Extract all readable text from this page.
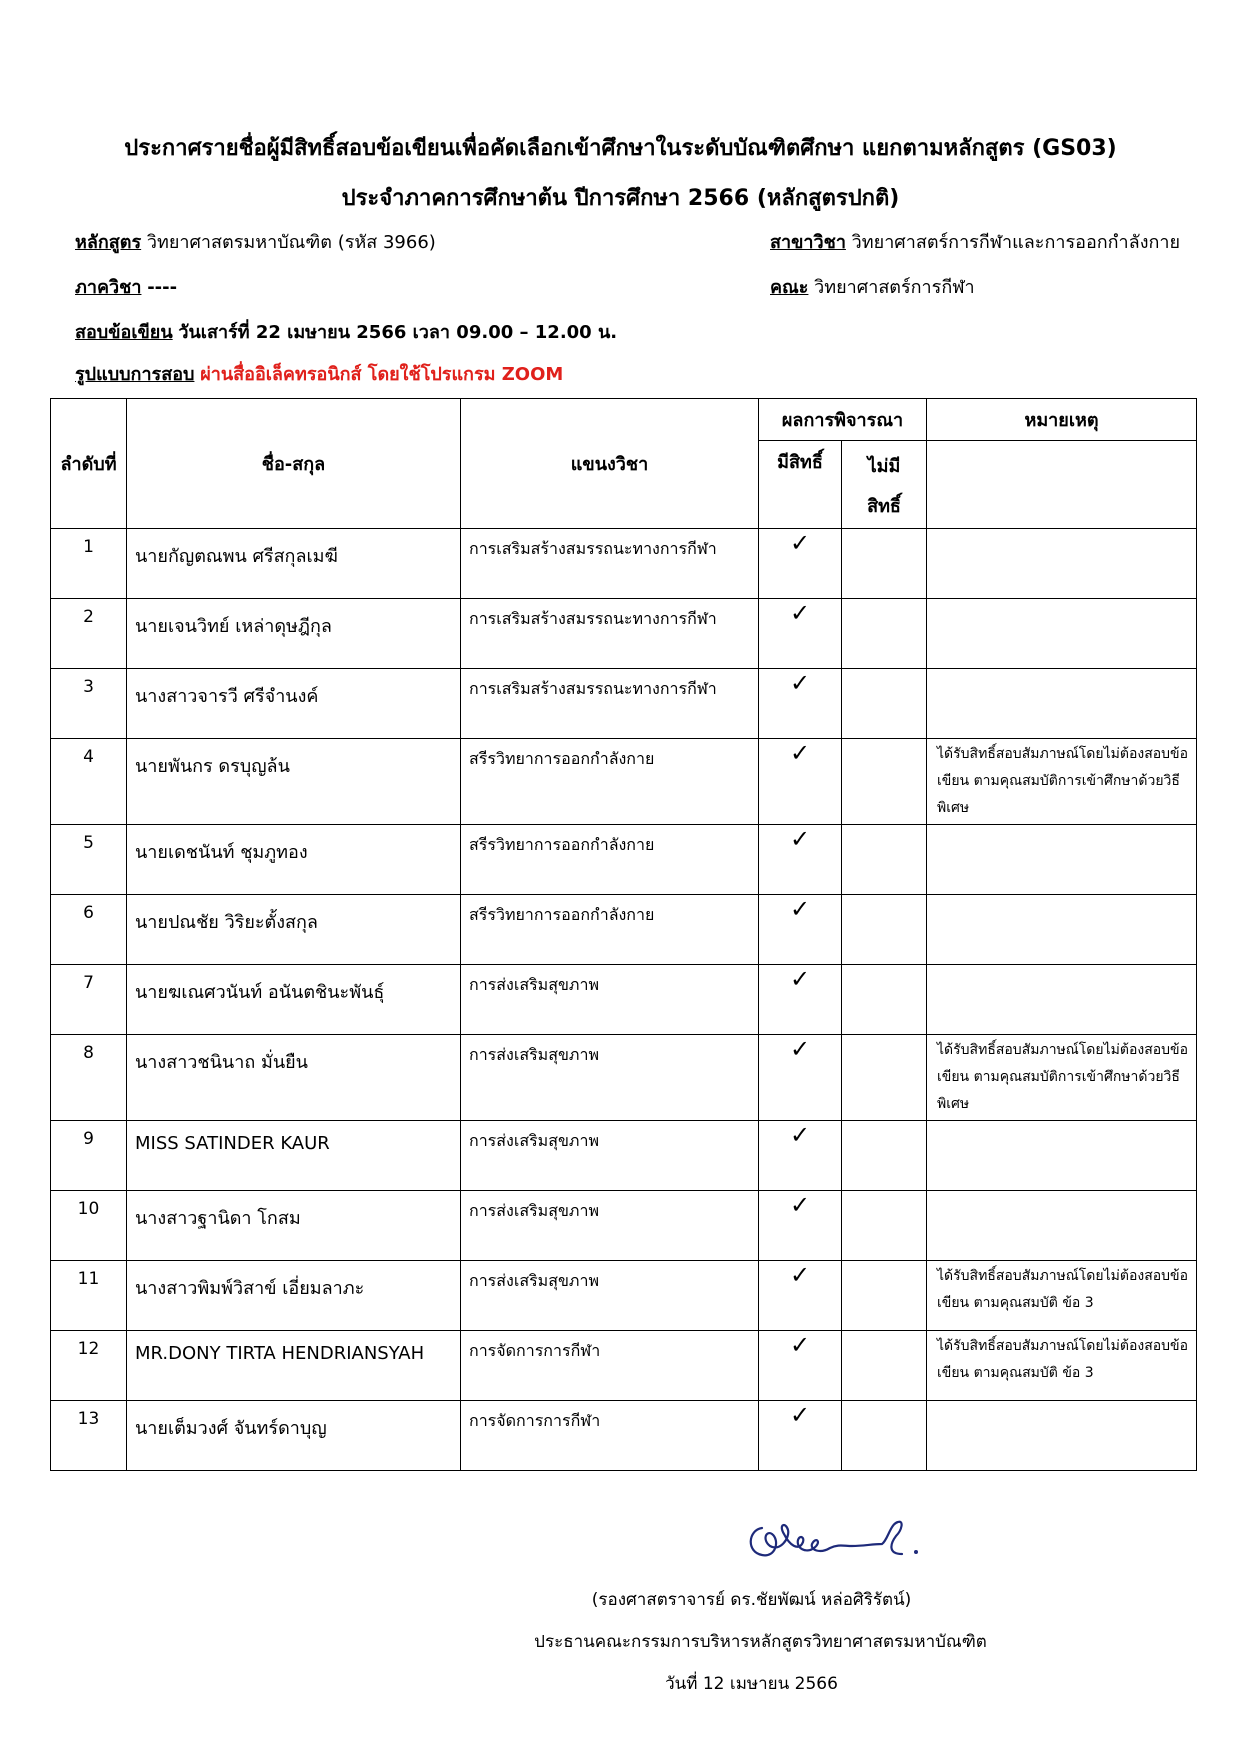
ประกาศรายชื่อผู้มีสิทธิ์สอบข้อเขียนเพื่อคัดเลือกเข้าศึกษาในระดับบัณฑิตศึกษา แยกตามหลักสูตร (GS03)
ประจำภาคการศึกษาต้น ปีการศึกษา 2566 (หลักสูตรปกติ)
หลักสูตร วิทยาศาสตรมหาบัณฑิต (รหัส 3966)	สาขาวิชา วิทยาศาสตร์การกีฬาและการออกกำลังกาย
ภาควิชา ----	คณะ วิทยาศาสตร์การกีฬา
สอบข้อเขียน วันเสาร์ที่ 22 เมษายน 2566 เวลา 09.00 – 12.00 น.
รูปแบบการสอบ ผ่านสื่ออิเล็คทรอนิกส์ โดยใช้โปรแกรม ZOOM
ลำดับที่	ชื่อ-สกุล	แขนงวิชา	ผลการพิจารณา		หมายเหตุ
			มีสิทธิ์	ไม่มี
สิทธิ์	
1	นายกัญตณพน ศรีสกุลเมฆี	การเสริมสร้างสมรรถนะทางการกีฬา	✓		
2	นายเจนวิทย์ เหล่าดุษฎีกุล	การเสริมสร้างสมรรถนะทางการกีฬา	✓		
3	นางสาวจารวี ศรีจำนงค์	การเสริมสร้างสมรรถนะทางการกีฬา	✓		
4	นายพันกร ดรบุญล้น	สรีรวิทยาการออกกำลังกาย	✓		ได้รับสิทธิ์สอบสัมภาษณ์โดยไม่ต้องสอบข้อเขียน ตามคุณสมบัติการเข้าศึกษาด้วยวิธีพิเศษ
5	นายเดชนันท์ ชุมภูทอง	สรีรวิทยาการออกกำลังกาย	✓		
6	นายปณชัย วิริยะตั้งสกุล	สรีรวิทยาการออกกำลังกาย	✓		
7	นายฆเณศวนันท์ อนันตชินะพันธุ์	การส่งเสริมสุขภาพ	✓		
8	นางสาวชนินาถ มั่นยืน	การส่งเสริมสุขภาพ	✓		ได้รับสิทธิ์สอบสัมภาษณ์โดยไม่ต้องสอบข้อเขียน ตามคุณสมบัติการเข้าศึกษาด้วยวิธีพิเศษ
9	MISS SATINDER KAUR	การส่งเสริมสุขภาพ	✓		
10	นางสาวฐานิดา โกสม	การส่งเสริมสุขภาพ	✓		
11	นางสาวพิมพ์วิสาข์ เอี่ยมลาภะ	การส่งเสริมสุขภาพ	✓		ได้รับสิทธิ์สอบสัมภาษณ์โดยไม่ต้องสอบข้อเขียน ตามคุณสมบัติ ข้อ 3
12	MR.DONY TIRTA HENDRIANSYAH	การจัดการการกีฬา	✓		ได้รับสิทธิ์สอบสัมภาษณ์โดยไม่ต้องสอบข้อเขียน ตามคุณสมบัติ ข้อ 3
13	นายเต็มวงศ์ จันทร์ดาบุญ	การจัดการการกีฬา	✓		
(รองศาสตราจารย์ ดร.ชัยพัฒน์ หล่อศิริรัตน์)
ประธานคณะกรรมการบริหารหลักสูตรวิทยาศาสตรมหาบัณฑิต
วันที่ 12 เมษายน 2566
